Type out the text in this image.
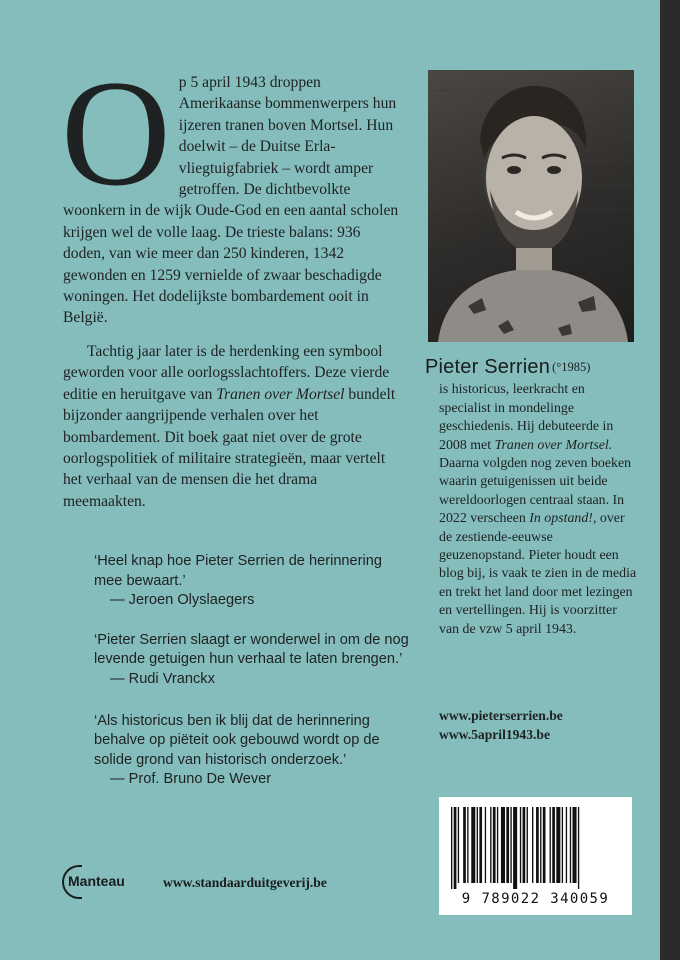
O p 5 april 1943 droppen Amerikaanse bommenwerpers hun ijzeren tranen boven Mortsel. Hun doelwit – de Duitse Erla-vliegtuigfabriek – wordt amper getroffen. De dichtbevolkte woonkern in de wijk Oude-God en een aantal scholen krijgen wel de volle laag. De trieste balans: 936 doden, van wie meer dan 250 kinderen, 1342 gewonden en 1259 vernielde of zwaar beschadigde woningen. Het dodelijkste bombardement ooit in België.
Tachtig jaar later is de herdenking een symbool geworden voor alle oorlogsslachtoffers. Deze vierde editie en heruitgave van Tranen over Mortsel bundelt bijzonder aangrijpende verhalen over het bombardement. Dit boek gaat niet over de grote oorlogspolitiek of militaire strategieën, maar vertelt het verhaal van de mensen die het drama meemaakten.
‘Heel knap hoe Pieter Serrien de herinnering mee bewaart.’
— Jeroen Olyslaegers
‘Pieter Serrien slaagt er wonderwel in om de nog levende getuigen hun verhaal te laten brengen.’
— Rudi Vranckx
‘Als historicus ben ik blij dat de herinnering behalve op piëteit ook gebouwd wordt op de solide grond van historisch onderzoek.’
— Prof. Bruno De Wever
Pieter Serrien (°1985)
is historicus, leerkracht en specialist in mondelinge geschiedenis. Hij debuteerde in 2008 met Tranen over Mortsel. Daarna volgden nog zeven boeken waarin getuigenissen uit beide wereldoorlogen centraal staan. In 2022 verscheen In opstand!, over de zestiende-eeuwse geuzenopstand. Pieter houdt een blog bij, is vaak te zien in de media en trekt het land door met lezingen en vertellingen. Hij is voorzitter van de vzw 5 april 1943.
www.pieterserrien.be
www.5april1943.be
9 789022 340059
Manteau	www.standaarduitgeverij.be
